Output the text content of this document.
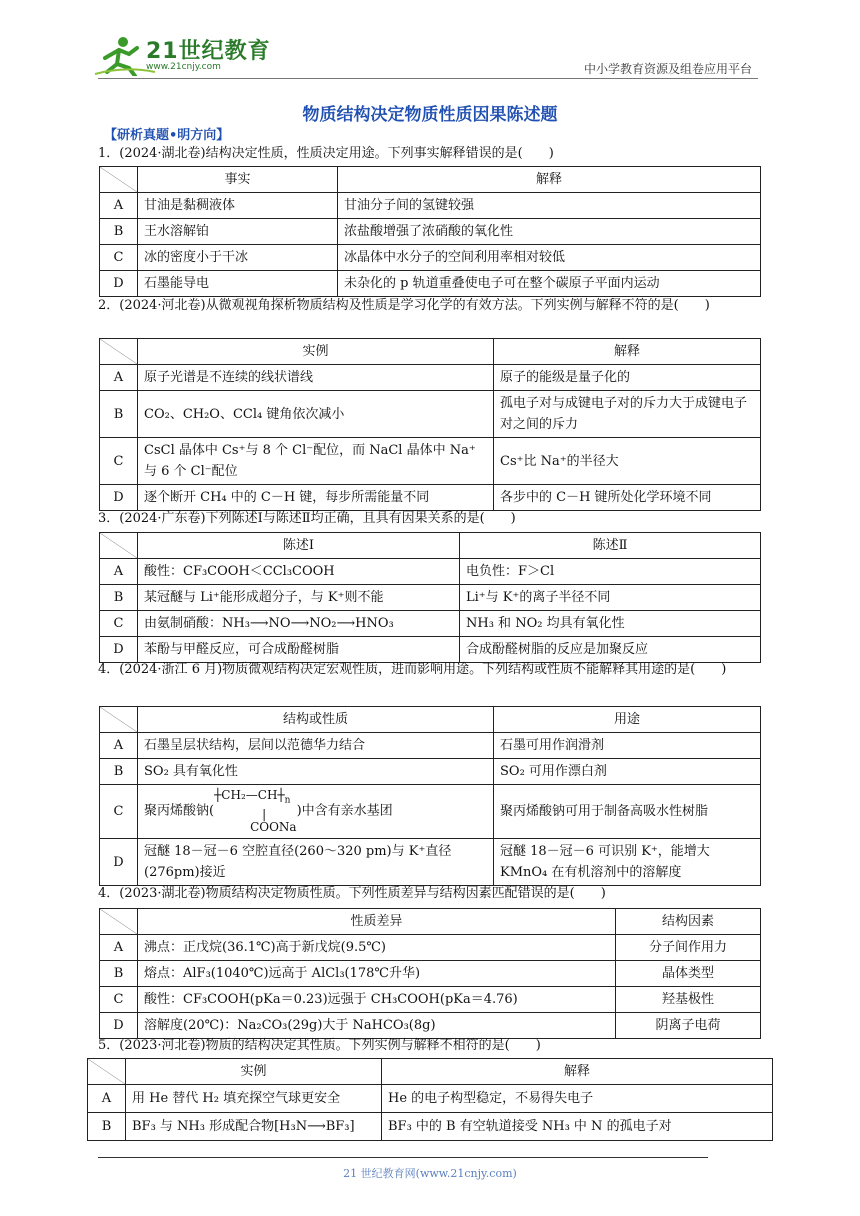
21世纪教育
www.21cnjy.com	中小学教育资源及组卷应用平台
物质结构决定物质性质因果陈述题
【研析真题•明方向】
1．(2024·湖北卷)结构决定性质，性质决定用途。下列事实解释错误的是(　　)
	事实	解释
A	甘油是黏稠液体	甘油分子间的氢键较强
B	王水溶解铂	浓盐酸增强了浓硝酸的氧化性
C	冰的密度小于干冰	冰晶体中水分子的空间利用率相对较低
D	石墨能导电	未杂化的 p 轨道重叠使电子可在整个碳原子平面内运动
2．(2024·河北卷)从微观视角探析物质结构及性质是学习化学的有效方法。下列实例与解释不符的是(　　)
	实例	解释
A	原子光谱是不连续的线状谱线	原子的能级是量子化的
B	CO₂、CH₂O、CCl₄ 键角依次减小	孤电子对与成键电子对的斥力大于成键电子对之间的斥力
C	CsCl 晶体中 Cs⁺与 8 个 Cl⁻配位，而 NaCl 晶体中 Na⁺与 6 个 Cl⁻配位	Cs⁺比 Na⁺的半径大
D	逐个断开 CH₄ 中的 C－H 键，每步所需能量不同	各步中的 C－H 键所处化学环境不同
3．(2024·广东卷)下列陈述Ⅰ与陈述Ⅱ均正确，且具有因果关系的是(　　)
	陈述Ⅰ	陈述Ⅱ
A	酸性：CF₃COOH＜CCl₃COOH	电负性：F＞Cl
B	某冠醚与 Li⁺能形成超分子，与 K⁺则不能	Li⁺与 K⁺的离子半径不同
C	由氨制硝酸：NH₃⟶NO⟶NO₂⟶HNO₃	NH₃ 和 NO₂ 均具有氧化性
D	苯酚与甲醛反应，可合成酚醛树脂	合成酚醛树脂的反应是加聚反应
4．(2024·浙江 6 月)物质微观结构决定宏观性质，进而影响用途。下列结构或性质不能解释其用途的是(　　)
	结构或性质	用途
A	石墨呈层状结构，层间以范德华力结合	石墨可用作润滑剂
B	SO₂ 具有氧化性	SO₂ 可用作漂白剂
C	聚丙烯酸钠($┼CH_2—CH┼_n$
|
COONa)中含有亲水基团	聚丙烯酸钠可用于制备高吸水性树脂
D	冠醚 18－冠－6 空腔直径(260～320 pm)与 K⁺直径(276pm)接近	冠醚 18－冠－6 可识别 K⁺，能增大 KMnO₄ 在有机溶剂中的溶解度
4．(2023·湖北卷)物质结构决定物质性质。下列性质差异与结构因素匹配错误的是(　　)
	性质差异	结构因素
A	沸点：正戊烷(36.1℃)高于新戊烷(9.5℃)	分子间作用力
B	熔点：AlF₃(1040℃)远高于 AlCl₃(178℃升华)	晶体类型
C	酸性：CF₃COOH(pKa＝0.23)远强于 CH₃COOH(pKa＝4.76)	羟基极性
D	溶解度(20℃)：Na₂CO₃(29g)大于 NaHCO₃(8g)	阴离子电荷
5．(2023·河北卷)物质的结构决定其性质。下列实例与解释不相符的是(　　)
	实例	解释
A	用 He 替代 H₂ 填充探空气球更安全	He 的电子构型稳定，不易得失电子
B	BF₃ 与 NH₃ 形成配合物[H₃N⟶BF₃]	BF₃ 中的 B 有空轨道接受 NH₃ 中 N 的孤电子对
21 世纪教育网(www.21cnjy.com)
